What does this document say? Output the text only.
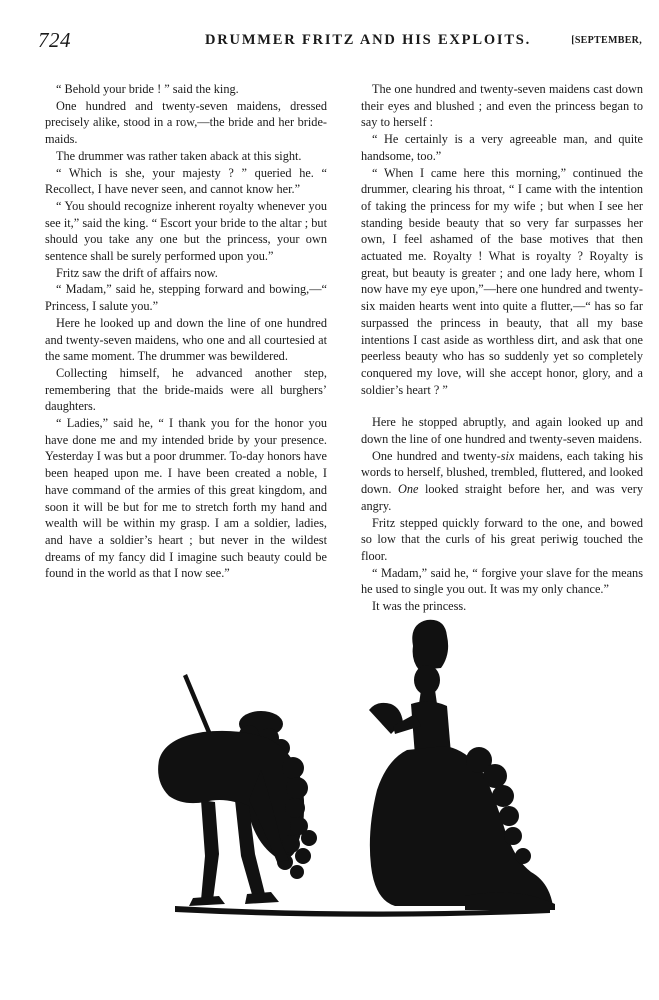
724	DRUMMER FRITZ AND HIS EXPLOITS.	[SEPTEMBER,

“ Behold your bride ! ” said the king.

One hundred and twenty-seven maidens, dressed precisely alike, stood in a row,—the bride and her bride-maids.

The drummer was rather taken aback at this sight.

“ Which is she, your majesty ? ” queried he. “ Recollect, I have never seen, and cannot know her.”

“ You should recognize inherent royalty whenever you see it,” said the king. “ Escort your bride to the altar ; but should you take any one but the princess, your own sentence shall be surely performed upon you.”

Fritz saw the drift of affairs now.

“ Madam,” said he, stepping forward and bowing,—“ Princess, I salute you.”

Here he looked up and down the line of one hundred and twenty-seven maidens, who one and all courtesied at the same moment. The drummer was bewildered.

Collecting himself, he advanced another step, remembering that the bride-maids were all burghers’ daughters.

“ Ladies,” said he, “ I thank you for the honor you have done me and my intended bride by your presence. Yesterday I was but a poor drummer. To-day honors have been heaped upon me. I have been created a noble, I have command of the armies of this great kingdom, and soon it will be but for me to stretch forth my hand and wealth will be within my grasp. I am a soldier, ladies, and have a soldier’s heart ; but never in the wildest dreams of my fancy did I imagine such beauty could be found in the world as that I now see.”

The one hundred and twenty-seven maidens cast down their eyes and blushed ; and even the princess began to say to herself :

“ He certainly is a very agreeable man, and quite handsome, too.”

“ When I came here this morning,” continued the drummer, clearing his throat, “ I came with the intention of taking the princess for my wife ; but when I see her standing beside beauty that so very far surpasses her own, I feel ashamed of the base motives that then actuated me. Royalty ! What is royalty ? Royalty is great, but beauty is greater ; and one lady here, whom I now have my eye upon,”—here one hundred and twenty-six maiden hearts went into quite a flutter,—“ has so far surpassed the princess in beauty, that all my base intentions I cast aside as worthless dirt, and ask that one peerless beauty who has so suddenly yet so completely conquered my love, will she accept honor, glory, and a soldier’s heart ? ”

Here he stopped abruptly, and again looked up and down the line of one hundred and twenty-seven maidens.

One hundred and twenty-six maidens, each taking his words to herself, blushed, trembled, fluttered, and looked down. One looked straight before her, and was very angry.

Fritz stepped quickly forward to the one, and bowed so low that the curls of his great periwig touched the floor.

“ Madam,” said he, “ forgive your slave for the means he used to single you out. It was my only chance.”

It was the princess.
